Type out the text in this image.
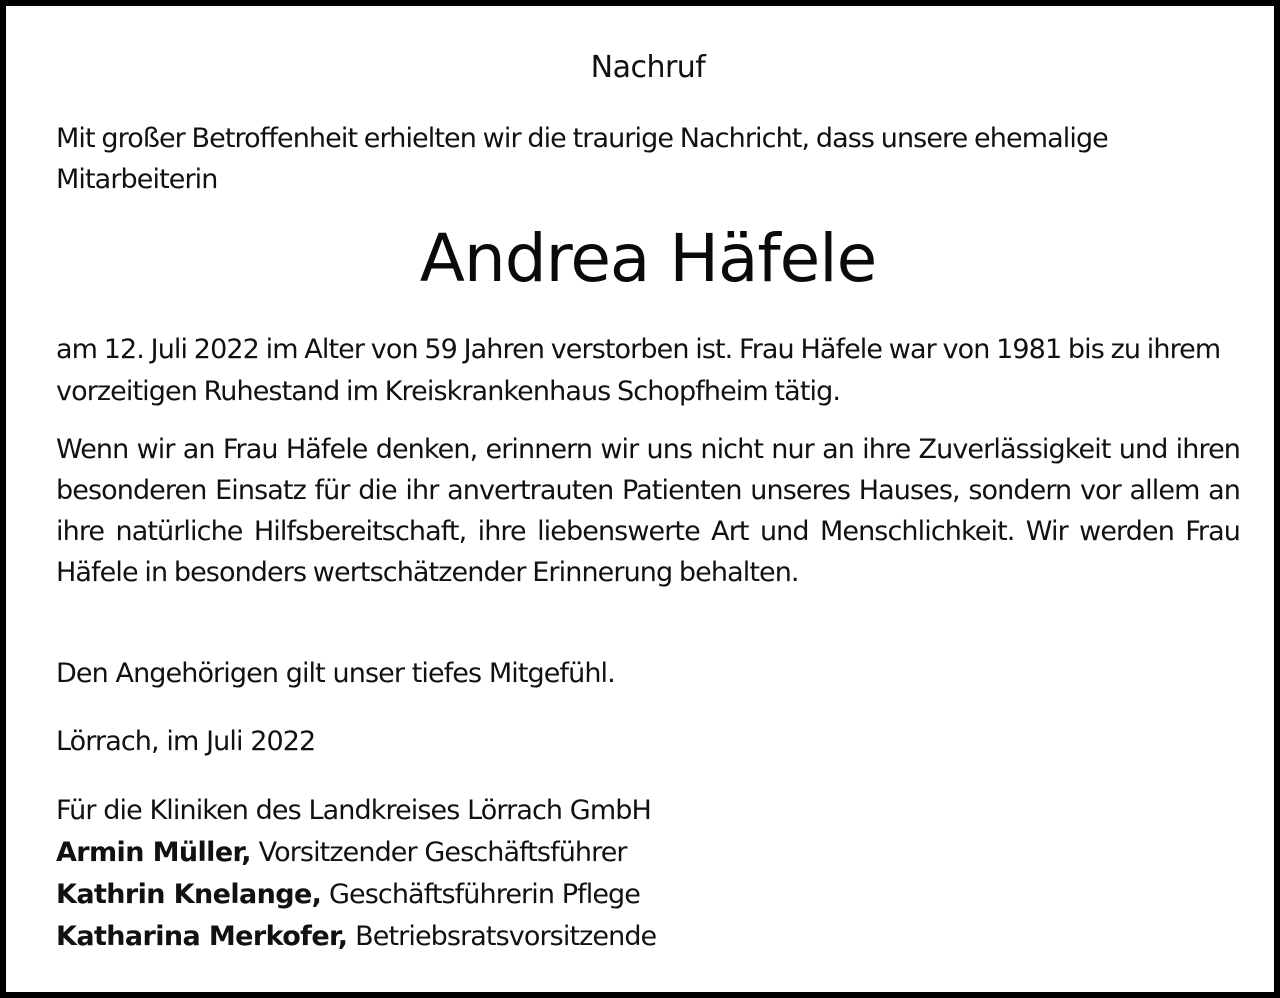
Nachruf
Mit großer Betroffenheit erhielten wir die traurige Nachricht, dass unsere ehemalige Mitarbeiterin
Andrea Häfele
am 12. Juli 2022 im Alter von 59 Jahren verstorben ist. Frau Häfele war von 1981 bis zu ihrem vorzeitigen Ruhestand im Kreiskrankenhaus Schopfheim tätig.
Wenn wir an Frau Häfele denken, erinnern wir uns nicht nur an ihre Zuverlässigkeit und ihren besonderen Einsatz für die ihr anvertrauten Patienten unseres Hauses, sondern vor allem an ihre natürliche Hilfsbereitschaft, ihre liebenswerte Art und Menschlichkeit. Wir werden Frau Häfele in besonders wertschätzender Erinnerung behalten.
Den Angehörigen gilt unser tiefes Mitgefühl.
Lörrach, im Juli 2022
Für die Kliniken des Landkreises Lörrach GmbH
Armin Müller, Vorsitzender Geschäftsführer
Kathrin Knelange, Geschäftsführerin Pflege
Katharina Merkofer, Betriebsratsvorsitzende
